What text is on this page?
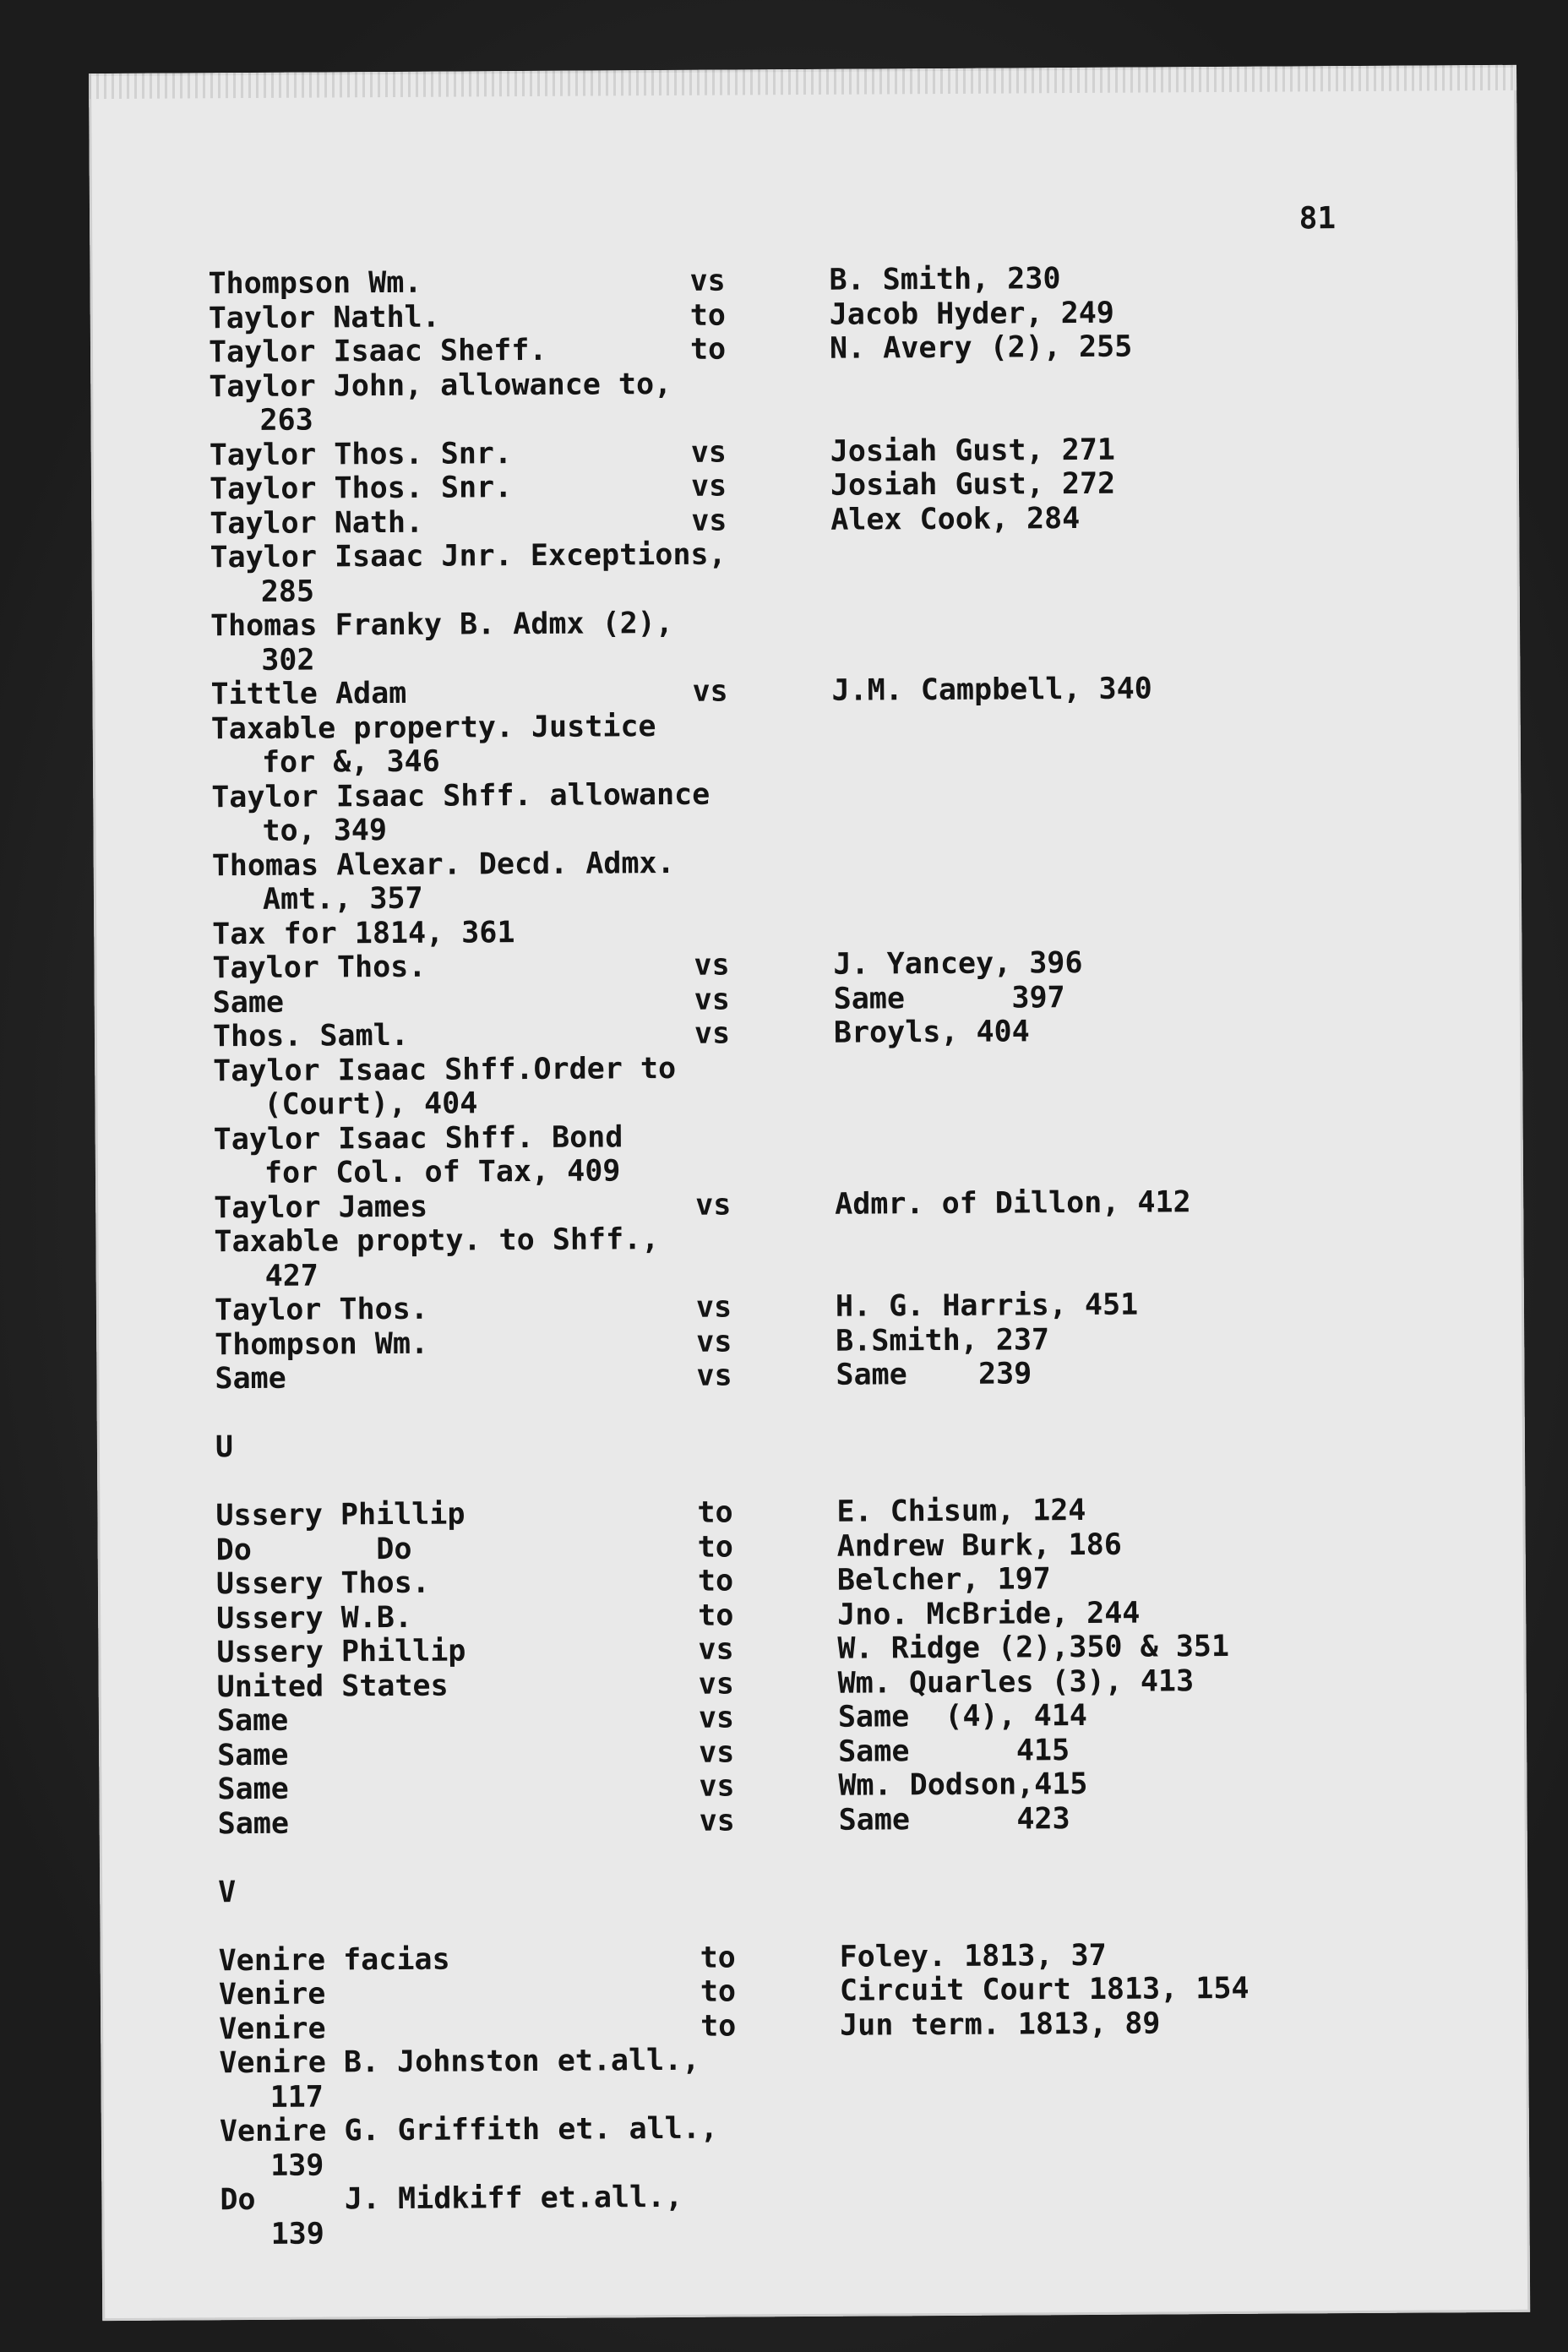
81
Thompson Wm.	vs	B. Smith, 230
Taylor Nathl.	to	Jacob Hyder, 249
Taylor Isaac Sheff.	to	N. Avery (2), 255
Taylor John, allowance to,
263
Taylor Thos. Snr.	vs	Josiah Gust, 271
Taylor Thos. Snr.	vs	Josiah Gust, 272
Taylor Nath.	vs	Alex Cook, 284
Taylor Isaac Jnr. Exceptions,
285
Thomas Franky B. Admx (2),
302
Tittle Adam	vs	J.M. Campbell, 340
Taxable property. Justice
for &, 346
Taylor Isaac Shff. allowance
to, 349
Thomas Alexar. Decd. Admx.
Amt., 357
Tax for 1814, 361
Taylor Thos.	vs	J. Yancey, 396
Same	vs	Same      397
Thos. Saml.	vs	Broyls, 404
Taylor Isaac Shff.Order to
(Court), 404
Taylor Isaac Shff. Bond
for Col. of Tax, 409
Taylor James	vs	Admr. of Dillon, 412
Taxable propty. to Shff.,
427
Taylor Thos.	vs	H. G. Harris, 451
Thompson Wm.	vs	B.Smith, 237
Same	vs	Same    239
U
Ussery Phillip	to	E. Chisum, 124
Do       Do	to	Andrew Burk, 186
Ussery Thos.	to	Belcher, 197
Ussery W.B.	to	Jno. McBride, 244
Ussery Phillip	vs	W. Ridge (2),350 & 351
United States	vs	Wm. Quarles (3), 413
Same	vs	Same  (4), 414
Same	vs	Same      415
Same	vs	Wm. Dodson,415
Same	vs	Same      423
V
Venire facias	to	Foley. 1813, 37
Venire	to	Circuit Court 1813, 154
Venire	to	Jun term. 1813, 89
Venire B. Johnston et.all.,
117
Venire G. Griffith et. all.,
139
Do     J. Midkiff et.all.,
139
